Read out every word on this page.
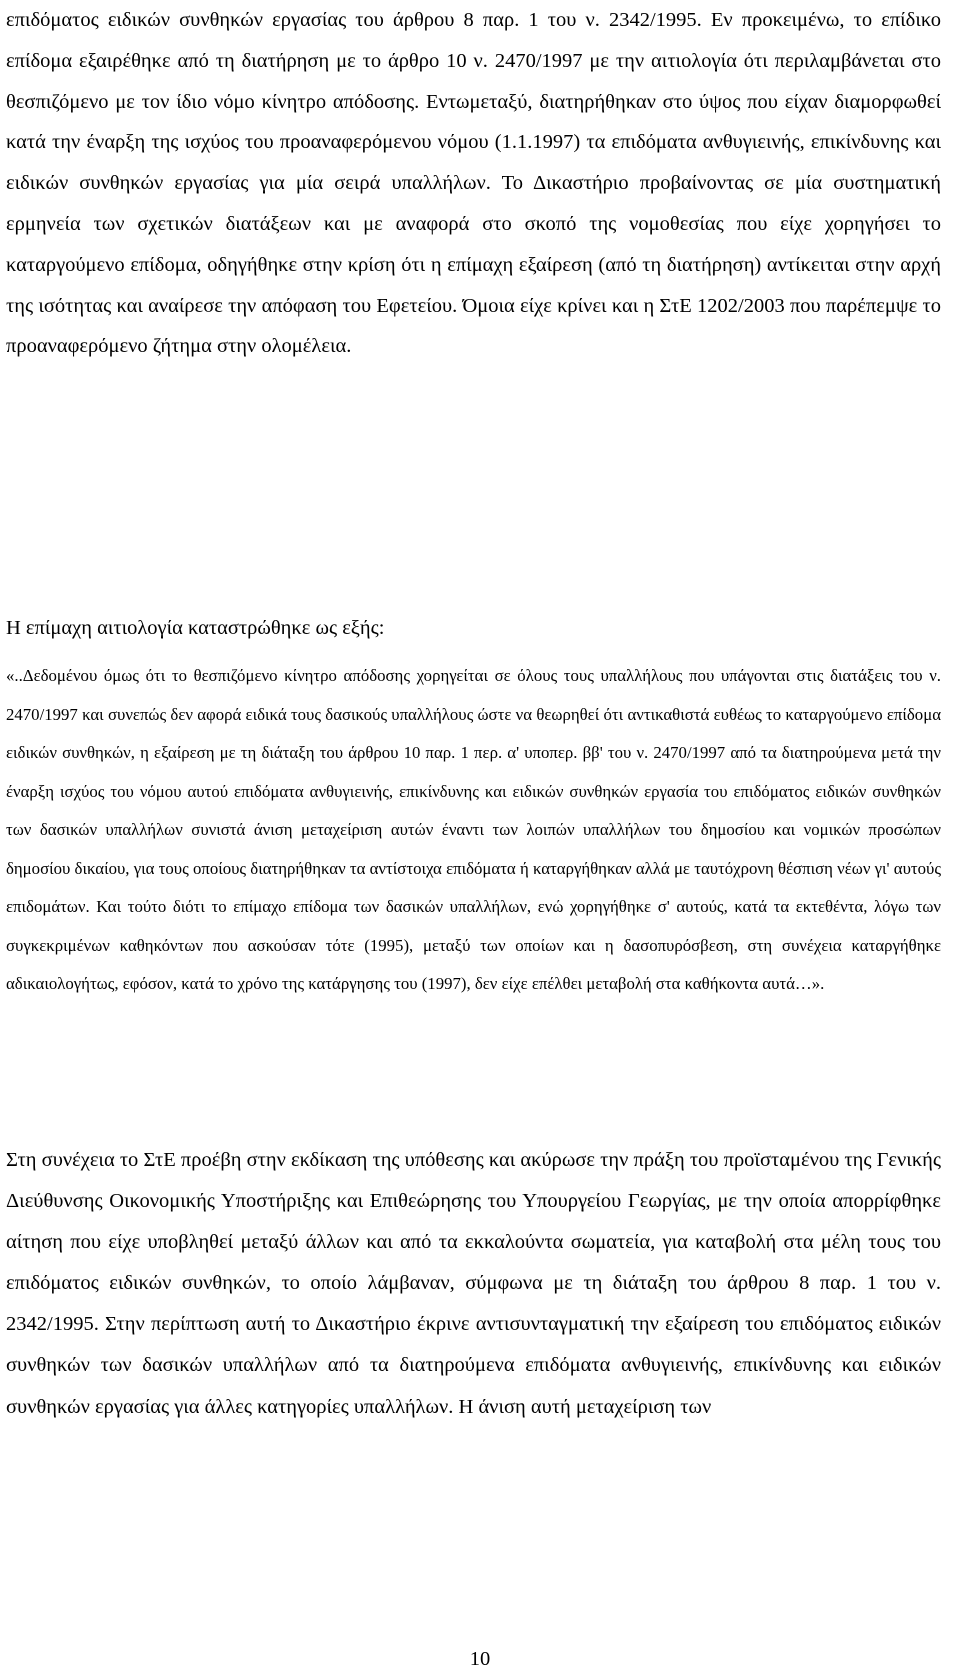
επιδόματος ειδικών συνθηκών εργασίας του άρθρου 8 παρ. 1 του ν. 2342/1995. Εν προκειμένω, το επίδικο επίδομα εξαιρέθηκε από τη διατήρηση με το άρθρο 10 ν. 2470/1997 με την αιτιολογία ότι περιλαμβάνεται στο θεσπιζόμενο με τον ίδιο νόμο κίνητρο απόδοσης. Εντωμεταξύ, διατηρήθηκαν στο ύψος που είχαν διαμορφωθεί κατά την έναρξη της ισχύος του προαναφερόμενου νόμου (1.1.1997) τα επιδόματα ανθυγιεινής, επικίνδυνης και ειδικών συνθηκών εργασίας για μία σειρά υπαλλήλων. Το Δικαστήριο προβαίνοντας σε μία συστηματική ερμηνεία των σχετικών διατάξεων και με αναφορά στο σκοπό της νομοθεσίας που είχε χορηγήσει το καταργούμενο επίδομα, οδηγήθηκε στην κρίση ότι η επίμαχη εξαίρεση (από τη διατήρηση) αντίκειται στην αρχή της ισότητας και αναίρεσε την απόφαση του Εφετείου. Όμοια είχε κρίνει και η ΣτΕ 1202/2003 που παρέπεμψε το προαναφερόμενο ζήτημα στην ολομέλεια.

Η επίμαχη αιτιολογία καταστρώθηκε ως εξής:

«..Δεδομένου όμως ότι το θεσπιζόμενο κίνητρο απόδοσης χορηγείται σε όλους τους υπαλλήλους που υπάγονται στις διατάξεις του ν. 2470/1997 και συνεπώς δεν αφορά ειδικά τους δασικούς υπαλλήλους ώστε να θεωρηθεί ότι αντικαθιστά ευθέως το καταργούμενο επίδομα ειδικών συνθηκών, η εξαίρεση με τη διάταξη του άρθρου 10 παρ. 1 περ. α' υποπερ. ββ' του ν. 2470/1997 από τα διατηρούμενα μετά την έναρξη ισχύος του νόμου αυτού επιδόματα ανθυγιεινής, επικίνδυνης και ειδικών συνθηκών εργασία του επιδόματος ειδικών συνθηκών των δασικών υπαλλήλων συνιστά άνιση μεταχείριση αυτών έναντι των λοιπών υπαλλήλων του δημοσίου και νομικών προσώπων δημοσίου δικαίου, για τους οποίους διατηρήθηκαν τα αντίστοιχα επιδόματα ή καταργήθηκαν αλλά με ταυτόχρονη θέσπιση νέων γι' αυτούς επιδομάτων. Και τούτο διότι το επίμαχο επίδομα των δασικών υπαλλήλων, ενώ χορηγήθηκε σ' αυτούς, κατά τα εκτεθέντα, λόγω των συγκεκριμένων καθηκόντων που ασκούσαν τότε (1995), μεταξύ των οποίων και η δασοπυρόσβεση, στη συνέχεια καταργήθηκε αδικαιολογήτως, εφόσον, κατά το χρόνο της κατάργησης του (1997), δεν είχε επέλθει μεταβολή στα καθήκοντα αυτά…».

Στη συνέχεια το ΣτΕ προέβη στην εκδίκαση της υπόθεσης και ακύρωσε την πράξη του προϊσταμένου της Γενικής Διεύθυνσης Οικονομικής Υποστήριξης και Επιθεώρησης του Υπουργείου Γεωργίας, με την οποία απορρίφθηκε αίτηση που είχε υποβληθεί μεταξύ άλλων και από τα εκκαλούντα σωματεία, για καταβολή στα μέλη τους του επιδόματος ειδικών συνθηκών, το οποίο λάμβαναν, σύμφωνα με τη διάταξη του άρθρου 8 παρ. 1 του ν. 2342/1995. Στην περίπτωση αυτή το Δικαστήριο έκρινε αντισυνταγματική την εξαίρεση του επιδόματος ειδικών συνθηκών των δασικών υπαλλήλων από τα διατηρούμενα επιδόματα ανθυγιεινής, επικίνδυνης και ειδικών συνθηκών εργασίας για άλλες κατηγορίες υπαλλήλων. Η άνιση αυτή μεταχείριση των

10
